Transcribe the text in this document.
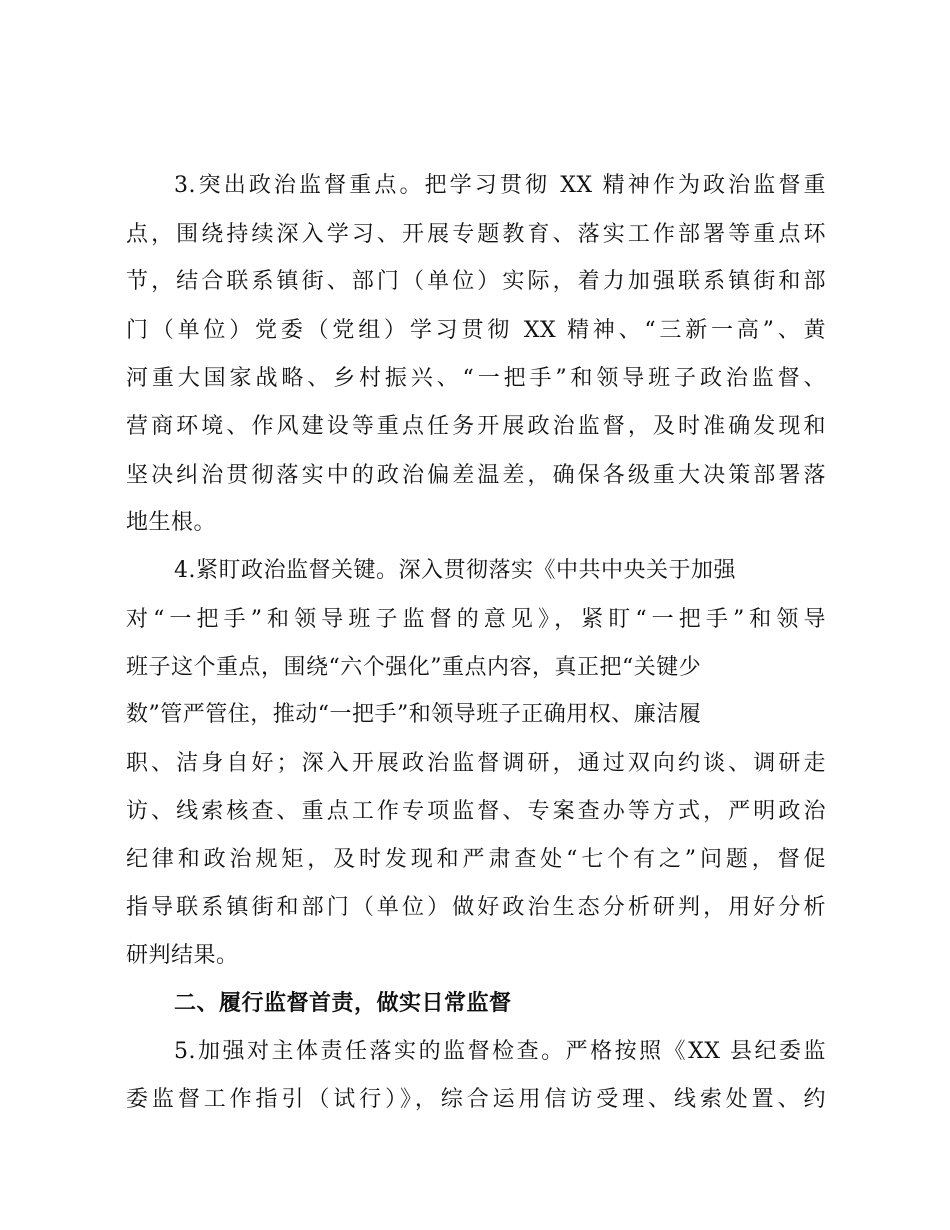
3.突出政治监督重点。把学习贯彻 XX 精神作为政治监督重
点，围绕持续深入学习、开展专题教育、落实工作部署等重点环
节，结合联系镇街、部门（单位）实际，着力加强联系镇街和部
门（单位）党委（党组）学习贯彻 XX 精神、“三新一高”、黄
河重大国家战略、乡村振兴、“一把手”和领导班子政治监督、
营商环境、作风建设等重点任务开展政治监督，及时准确发现和
坚决纠治贯彻落实中的政治偏差温差，确保各级重大决策部署落
地生根。
4.紧盯政治监督关键。深入贯彻落实《中共中央关于加强
对“一把手”和领导班子监督的意见》，紧盯“一把手”和领导
班子这个重点，围绕“六个强化”重点内容，真正把“关键少
数”管严管住，推动“一把手”和领导班子正确用权、廉洁履
职、洁身自好；深入开展政治监督调研，通过双向约谈、调研走
访、线索核查、重点工作专项监督、专案查办等方式，严明政治
纪律和政治规矩，及时发现和严肃查处“七个有之”问题，督促
指导联系镇街和部门（单位）做好政治生态分析研判，用好分析
研判结果。
二、履行监督首责，做实日常监督
5.加强对主体责任落实的监督检查。严格按照《XX 县纪委监
委监督工作指引（试行）》，综合运用信访受理、线索处置、约
